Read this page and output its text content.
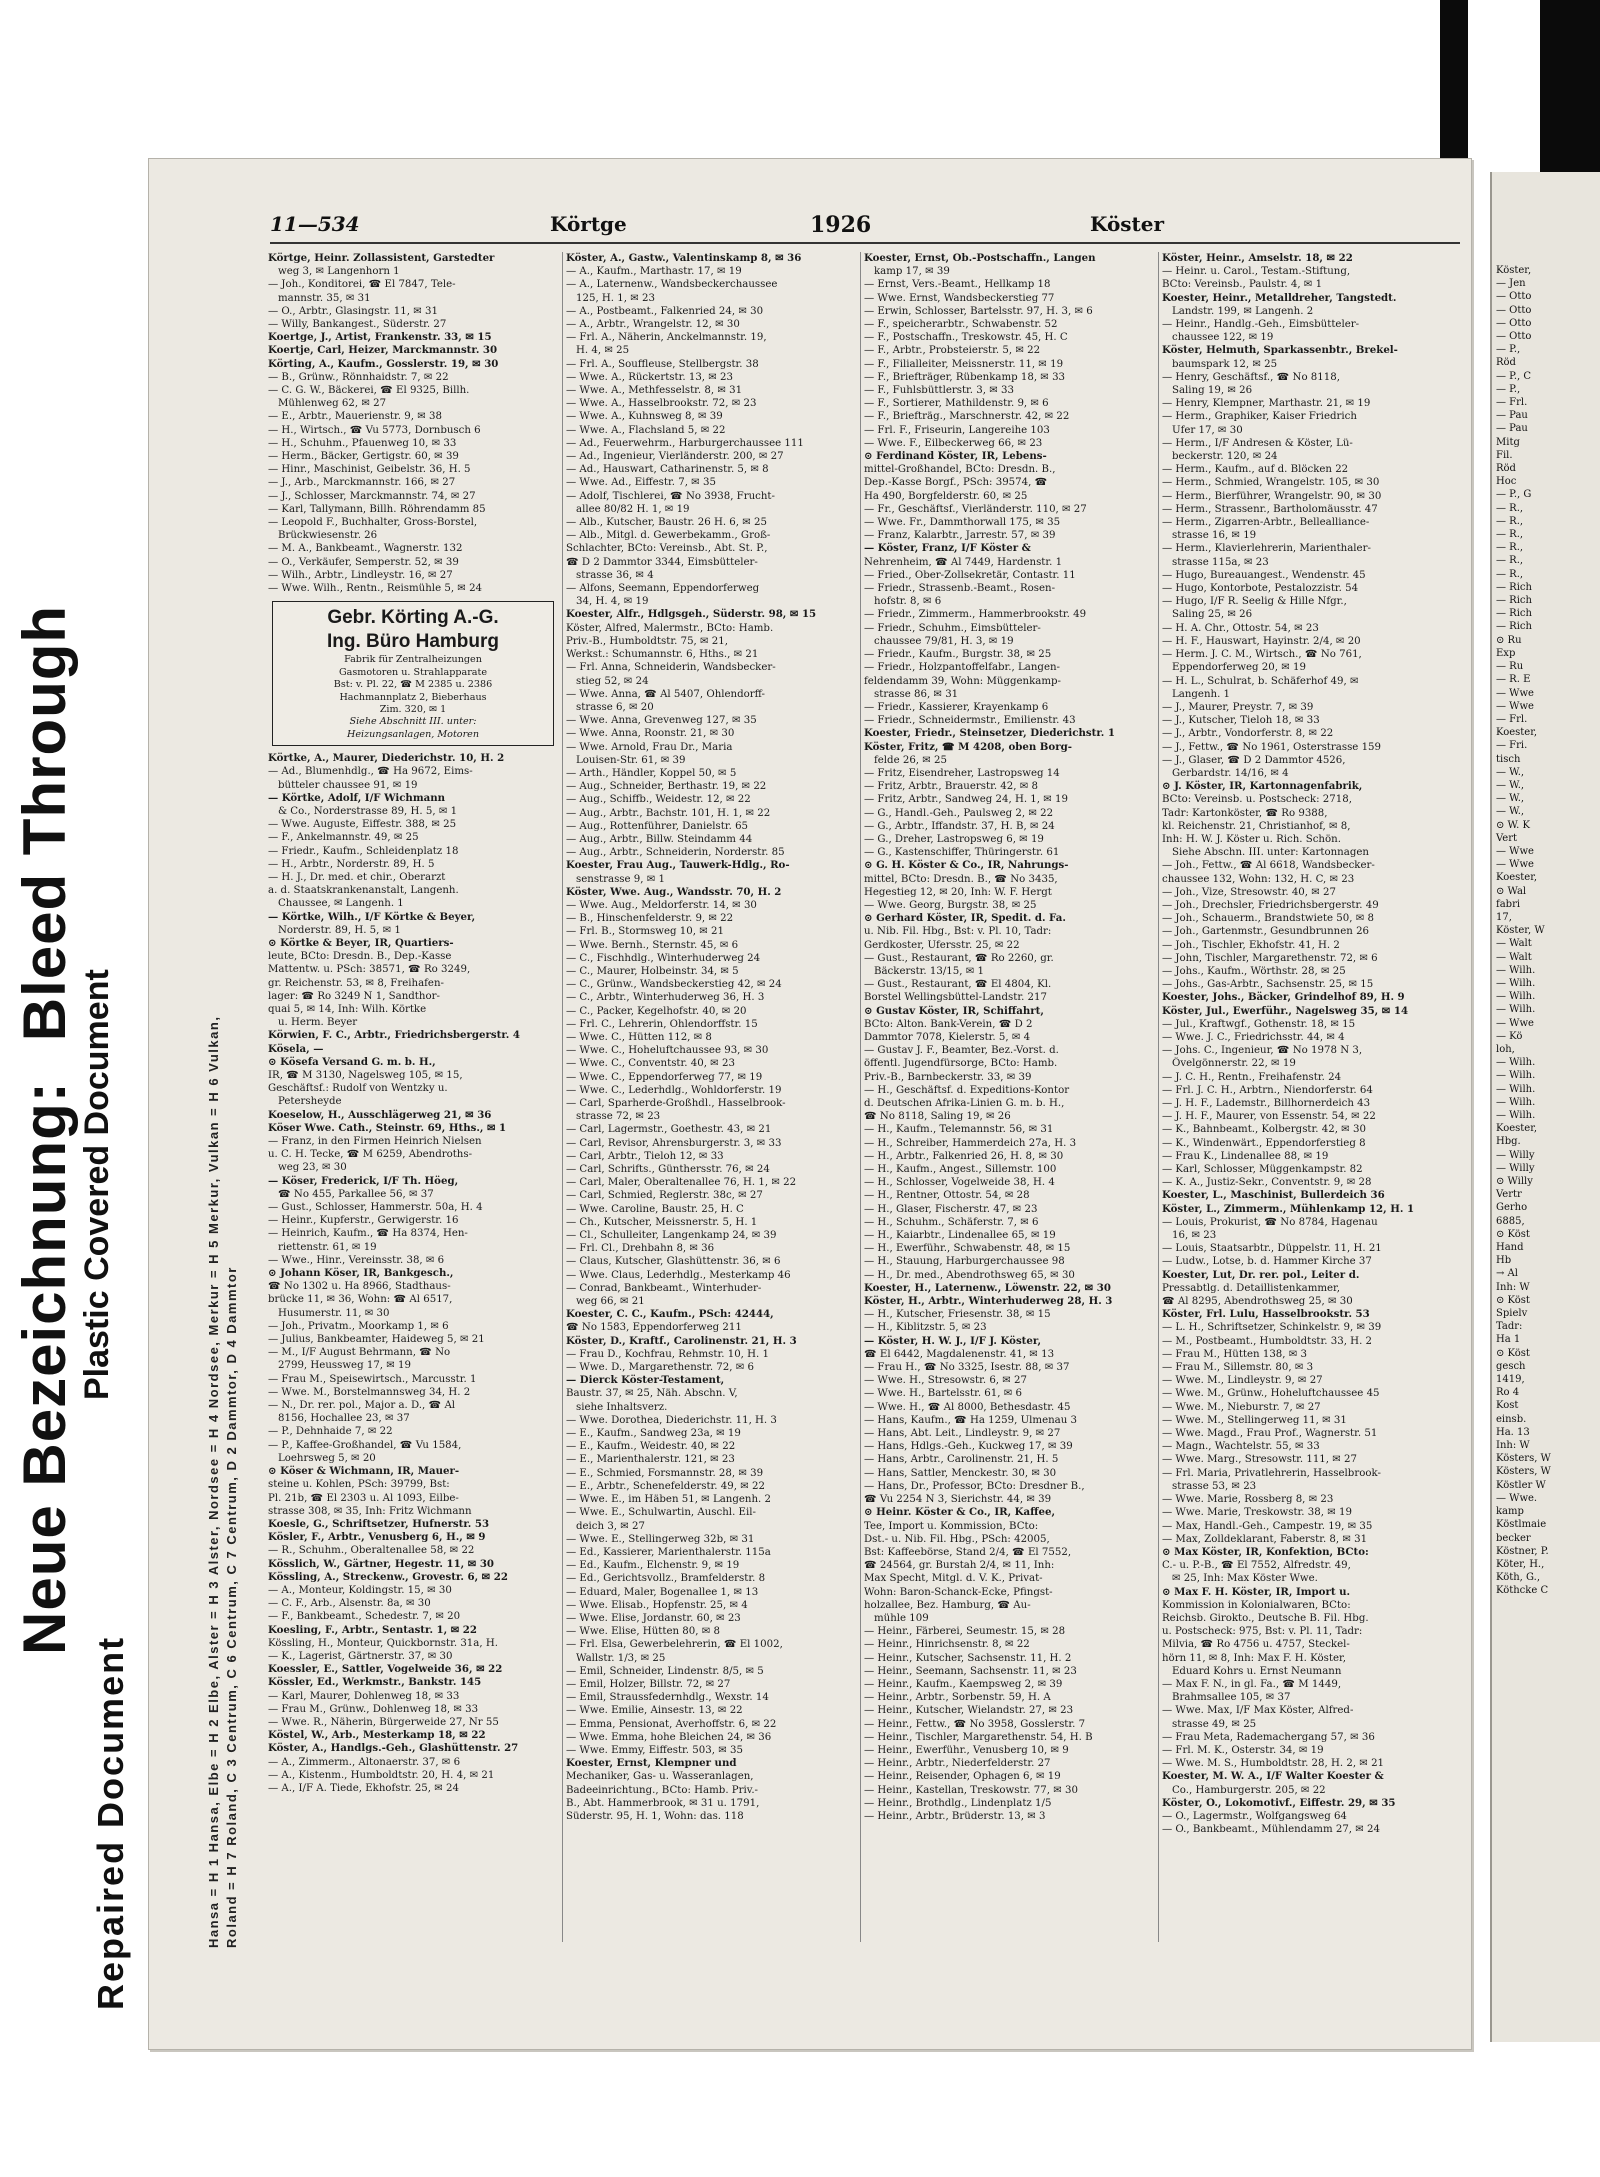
Neue Bezeichnung:Bleed Through
Repaired Document
Plastic Covered Document
Köster,
— Jen
— Otto
— Otto
— Otto
— Otto
— P.,
Röd
— P., C
— P.,
— Frl.
— Pau
— Pau
Mitg
Fil.
Röd
Hoc
— P., G
— R.,
— R.,
— R.,
— R.,
— R.,
— R.,
— Rich
— Rich
— Rich
— Rich
⊙ Ru
Exp
— Ru
— R. E
— Wwe
— Wwe
— Frl.
Koester,
— Fri.
tisch
— W.,
— W.,
— W.,
— W.,
⊙ W. K
Vert
— Wwe
— Wwe
Koester,
⊙ Wal
fabri
17,
Köster, W
— Walt
— Walt
— Wilh.
— Wilh.
— Wilh.
— Wilh.
— Wwe
— Kö
loh,
— Wilh.
— Wilh.
— Wilh.
— Wilh.
— Wilh.
Koester,
Hbg.
— Willy
— Willy
⊙ Willy
Vertr
Gerho
6885,
⊙ Köst
Hand
Hb
→ Al
Inh: W
⊙ Köst
Spielv
Tadr:
Ha 1
⊙ Köst
gesch
1419,
Ro 4
Kost
einsb.
Ha. 13
Inh: W
Kösters, W
Kösters, W
Köstler W
— Wwe.
kamp
Köstlmaie
becker
Köstner, P.
Köter, H.,
Köth, G.,
Köthcke C
Hansa = H 1 Hansa, Elbe = H 2 Elbe, Alster = H 3 Alster, Nordsee = H 4 Nordsee, Merkur = H 5 Merkur, Vulkan = H 6 Vulkan, Roland = H 7 Roland, C 3 Centrum, C 6 Centrum, C 7 Centrum, D 2 Dammtor, D 4 Dammtor
11—534	Körtge	1926	Köster
Körtge, Heinr. Zollassistent, Garstedter
weg 3, ✉ Langenhorn 1
— Joh., Konditorei, ☎ El 7847, Tele-
mannstr. 35, ✉ 31
— O., Arbtr., Glasingstr. 11, ✉ 31
— Willy, Bankangest., Süderstr. 27
Koertge, J., Artist, Frankenstr. 33, ✉ 15
Koertje, Carl, Heizer, Marckmannstr. 30
Körting, A., Kaufm., Gosslerstr. 19, ✉ 30
— B., Grünw., Rönnhaidstr. 7, ✉ 22
— C. G. W., Bäckerei, ☎ El 9325, Billh.
Mühlenweg 62, ✉ 27
— E., Arbtr., Mauerienstr. 9, ✉ 38
— H., Wirtsch., ☎ Vu 5773, Dornbusch 6
— H., Schuhm., Pfauenweg 10, ✉ 33
— Herm., Bäcker, Gertigstr. 60, ✉ 39
— Hinr., Maschinist, Geibelstr. 36, H. 5
— J., Arb., Marckmannstr. 166, ✉ 27
— J., Schlosser, Marckmannstr. 74, ✉ 27
— Karl, Tallymann, Billh. Röhrendamm 85
— Leopold F., Buchhalter, Gross-Borstel,
Brückwiesenstr. 26
— M. A., Bankbeamt., Wagnerstr. 132
— O., Verkäufer, Semperstr. 52, ✉ 39
— Wilh., Arbtr., Lindleystr. 16, ✉ 27
— Wwe. Wilh., Rentn., Reismühle 5, ✉ 24
Gebr. Körting A.-G.
Ing. Büro Hamburg
Fabrik für Zentralheizungen
Gasmotoren u. Strahlapparate
Bst: v. Pl. 22, ☎ M 2385 u. 2386
Hachmannplatz 2, Bieberhaus
Zim. 320, ✉ 1
Siehe Abschnitt III. unter:
Heizungsanlagen, Motoren
Körtke, A., Maurer, Diederichstr. 10, H. 2
— Ad., Blumenhdlg., ☎ Ha 9672, Eims-
bütteler chaussee 91, ✉ 19
— Körtke, Adolf, I/F Wichmann
& Co., Norderstrasse 89, H. 5, ✉ 1
— Wwe. Auguste, Eiffestr. 388, ✉ 25
— F., Ankelmannstr. 49, ✉ 25
— Friedr., Kaufm., Schleidenplatz 18
— H., Arbtr., Norderstr. 89, H. 5
— H. J., Dr. med. et chir., Oberarzt
a. d. Staatskrankenanstalt, Langenh.
Chaussee, ✉ Langenh. 1
— Körtke, Wilh., I/F Körtke & Beyer,
Norderstr. 89, H. 5, ✉ 1
⊙ Körtke & Beyer, IR, Quartiers-
leute, BCto: Dresdn. B., Dep.-Kasse
Mattentw. u. PSch: 38571, ☎ Ro 3249,
gr. Reichenstr. 53, ✉ 8, Freihafen-
lager: ☎ Ro 3249 N 1, Sandthor-
quai 5, ✉ 14, Inh: Wilh. Körtke
u. Herm. Beyer
Körwien, F. C., Arbtr., Friedrichsbergerstr. 4
Kösela, —
⊙ Kösefa Versand G. m. b. H.,
IR, ☎ M 3130, Nagelsweg 105, ✉ 15,
Geschäftsf.: Rudolf von Wentzky u.
Petersheyde
Koeselow, H., Ausschlägerweg 21, ✉ 36
Köser Wwe. Cath., Steinstr. 69, Hths., ✉ 1
— Franz, in den Firmen Heinrich Nielsen
u. C. H. Tecke, ☎ M 6259, Abendroths-
weg 23, ✉ 30
— Köser, Frederick, I/F Th. Höeg,
☎ No 455, Parkallee 56, ✉ 37
— Gust., Schlosser, Hammerstr. 50a, H. 4
— Heinr., Kupferstr., Gerwigerstr. 16
— Heinrich, Kaufm., ☎ Ha 8374, Hen-
riettenstr. 61, ✉ 19
— Wwe., Hinr., Vereinsstr. 38, ✉ 6
⊙ Johann Köser, IR, Bankgesch.,
☎ No 1302 u. Ha 8966, Stadthaus-
brücke 11, ✉ 36, Wohn: ☎ Al 6517,
Husumerstr. 11, ✉ 30
— Joh., Privatm., Moorkamp 1, ✉ 6
— Julius, Bankbeamter, Haideweg 5, ✉ 21
— M., I/F August Behrmann, ☎ No
2799, Heussweg 17, ✉ 19
— Frau M., Speisewirtsch., Marcusstr. 1
— Wwe. M., Borstelmannsweg 34, H. 2
— N., Dr. rer. pol., Major a. D., ☎ Al
8156, Hochallee 23, ✉ 37
— P., Dehnhaide 7, ✉ 22
— P., Kaffee-Großhandel, ☎ Vu 1584,
Loehrsweg 5, ✉ 20
⊙ Köser & Wichmann, IR, Mauer-
steine u. Kohlen, PSch: 39799, Bst:
Pl. 21b, ☎ El 2303 u. Al 1093, Eilbe-
strasse 308, ✉ 35, Inh: Fritz Wichmann
Koesle, G., Schriftsetzer, Hufnerstr. 53
Kösler, F., Arbtr., Venusberg 6, H., ✉ 9
— R., Schuhm., Oberaltenallee 58, ✉ 22
Kösslich, W., Gärtner, Hegestr. 11, ✉ 30
Kössling, A., Streckenw., Grovestr. 6, ✉ 22
— A., Monteur, Koldingstr. 15, ✉ 30
— C. F., Arb., Alsenstr. 8a, ✉ 30
— F., Bankbeamt., Schedestr. 7, ✉ 20
Koesling, F., Arbtr., Sentastr. 1, ✉ 22
Kössling, H., Monteur, Quickbornstr. 31a, H.
— K., Lagerist, Gärtnerstr. 37, ✉ 30
Koessler, E., Sattler, Vogelweide 36, ✉ 22
Kössler, Ed., Werkmstr., Bankstr. 145
— Karl, Maurer, Dohlenweg 18, ✉ 33
— Frau M., Grünw., Dohlenweg 18, ✉ 33
— Wwe. R., Näherin, Bürgerweide 27, Nr 55
Köstel, W., Arb., Mesterkamp 18, ✉ 22
Köster, A., Handlgs.-Geh., Glashüttenstr. 27
— A., Zimmerm., Altonaerstr. 37, ✉ 6
— A., Kistenm., Humboldtstr. 20, H. 4, ✉ 21
— A., I/F A. Tiede, Ekhofstr. 25, ✉ 24
Köster, A., Gastw., Valentinskamp 8, ✉ 36
— A., Kaufm., Marthastr. 17, ✉ 19
— A., Laternenw., Wandsbeckerchaussee
125, H. 1, ✉ 23
— A., Postbeamt., Falkenried 24, ✉ 30
— A., Arbtr., Wrangelstr. 12, ✉ 30
— Frl. A., Näherin, Anckelmannstr. 19,
H. 4, ✉ 25
— Frl. A., Souffleuse, Stellbergstr. 38
— Wwe. A., Rückertstr. 13, ✉ 23
— Wwe. A., Methfesselstr. 8, ✉ 31
— Wwe. A., Hasselbrookstr. 72, ✉ 23
— Wwe. A., Kuhnsweg 8, ✉ 39
— Wwe. A., Flachsland 5, ✉ 22
— Ad., Feuerwehrm., Harburgerchaussee 111
— Ad., Ingenieur, Vierländerstr. 200, ✉ 27
— Ad., Hauswart, Catharinenstr. 5, ✉ 8
— Wwe. Ad., Eiffestr. 7, ✉ 35
— Adolf, Tischlerei, ☎ No 3938, Frucht-
allee 80/82 H. 1, ✉ 19
— Alb., Kutscher, Baustr. 26 H. 6, ✉ 25
— Alb., Mitgl. d. Gewerbekamm., Groß-
Schlachter, BCto: Vereinsb., Abt. St. P.,
☎ D 2 Dammtor 3344, Eimsbütteler-
strasse 36, ✉ 4
— Alfons, Seemann, Eppendorferweg
34, H. 4, ✉ 19
Koester, Alfr., Hdlgsgeh., Süderstr. 98, ✉ 15
Köster, Alfred, Malermstr., BCto: Hamb.
Priv.-B., Humboldtstr. 75, ✉ 21,
Werkst.: Schumannstr. 6, Hths., ✉ 21
— Frl. Anna, Schneiderin, Wandsbecker-
stieg 52, ✉ 24
— Wwe. Anna, ☎ Al 5407, Ohlendorff-
strasse 6, ✉ 20
— Wwe. Anna, Grevenweg 127, ✉ 35
— Wwe. Anna, Roonstr. 21, ✉ 30
— Wwe. Arnold, Frau Dr., Maria
Louisen-Str. 61, ✉ 39
— Arth., Händler, Koppel 50, ✉ 5
— Aug., Schneider, Berthastr. 19, ✉ 22
— Aug., Schiffb., Weidestr. 12, ✉ 22
— Aug., Arbtr., Bachstr. 101, H. 1, ✉ 22
— Aug., Rottenführer, Danielstr. 65
— Aug., Arbtr., Billw. Steindamm 44
— Aug., Arbtr., Schneiderin, Norderstr. 85
Koester, Frau Aug., Tauwerk-Hdlg., Ro-
senstrasse 9, ✉ 1
Köster, Wwe. Aug., Wandsstr. 70, H. 2
— Wwe. Aug., Meldorferstr. 14, ✉ 30
— B., Hinschenfelderstr. 9, ✉ 22
— Frl. B., Stormsweg 10, ✉ 21
— Wwe. Bernh., Sternstr. 45, ✉ 6
— C., Fischhdlg., Winterhuderweg 24
— C., Maurer, Holbeinstr. 34, ✉ 5
— C., Grünw., Wandsbeckerstieg 42, ✉ 24
— C., Arbtr., Winterhuderweg 36, H. 3
— C., Packer, Kegelhofstr. 40, ✉ 20
— Frl. C., Lehrerin, Ohlendorffstr. 15
— Wwe. C., Hütten 112, ✉ 8
— Wwe. C., Hoheluftchaussee 93, ✉ 30
— Wwe. C., Conventstr. 40, ✉ 23
— Wwe. C., Eppendorferweg 77, ✉ 19
— Wwe. C., Lederhdlg., Wohldorferstr. 19
— Carl, Sparherde-Großhdl., Hasselbrook-
strasse 72, ✉ 23
— Carl, Lagermstr., Goethestr. 43, ✉ 21
— Carl, Revisor, Ahrensburgerstr. 3, ✉ 33
— Carl, Arbtr., Tieloh 12, ✉ 33
— Carl, Schrifts., Günthersstr. 76, ✉ 24
— Carl, Maler, Oberaltenallee 76, H. 1, ✉ 22
— Carl, Schmied, Reglerstr. 38c, ✉ 27
— Wwe. Caroline, Baustr. 25, H. C
— Ch., Kutscher, Meissnerstr. 5, H. 1
— Cl., Schulleiter, Langenkamp 24, ✉ 39
— Frl. Cl., Drehbahn 8, ✉ 36
— Claus, Kutscher, Glashüttenstr. 36, ✉ 6
— Wwe. Claus, Lederhdlg., Mesterkamp 46
— Conrad, Bankbeamt., Winterhuder-
weg 66, ✉ 21
Koester, C. C., Kaufm., PSch: 42444,
☎ No 1583, Eppendorferweg 211
Köster, D., Kraftf., Carolinenstr. 21, H. 3
— Frau D., Kochfrau, Rehmstr. 10, H. 1
— Wwe. D., Margarethenstr. 72, ✉ 6
— Dierck Köster-Testament,
Baustr. 37, ✉ 25, Näh. Abschn. V,
siehe Inhaltsverz.
— Wwe. Dorothea, Diederichstr. 11, H. 3
— E., Kaufm., Sandweg 23a, ✉ 19
— E., Kaufm., Weidestr. 40, ✉ 22
— E., Marienthalerstr. 121, ✉ 23
— E., Schmied, Forsmannstr. 28, ✉ 39
— E., Arbtr., Schenefelderstr. 49, ✉ 22
— Wwe. E., im Häben 51, ✉ Langenh. 2
— Wwe. E., Schulwartin, Auschl. Eil-
deich 3, ✉ 27
— Wwe. E., Stellingerweg 32b, ✉ 31
— Ed., Kassierer, Marienthalerstr. 115a
— Ed., Kaufm., Elchenstr. 9, ✉ 19
— Ed., Gerichtsvollz., Bramfelderstr. 8
— Eduard, Maler, Bogenallee 1, ✉ 13
— Wwe. Elisab., Hopfenstr. 25, ✉ 4
— Wwe. Elise, Jordanstr. 60, ✉ 23
— Wwe. Elise, Hütten 80, ✉ 8
— Frl. Elsa, Gewerbelehrerin, ☎ El 1002,
Wallstr. 1/3, ✉ 25
— Emil, Schneider, Lindenstr. 8/5, ✉ 5
— Emil, Holzer, Billstr. 72, ✉ 27
— Emil, Straussfedernhdlg., Wexstr. 14
— Wwe. Emilie, Ainsestr. 13, ✉ 22
— Emma, Pensionat, Averhoffstr. 6, ✉ 22
— Wwe. Emma, hohe Bleichen 24, ✉ 36
— Wwe. Emmy, Eiffestr. 503, ✉ 35
Koester, Ernst, Klempner und
Mechaniker, Gas- u. Wasseranlagen,
Badeeinrichtung., BCto: Hamb. Priv.-
B., Abt. Hammerbrook, ✉ 31 u. 1791,
Süderstr. 95, H. 1, Wohn: das. 118
Koester, Ernst, Ob.-Postschaffn., Langen
kamp 17, ✉ 39
— Ernst, Vers.-Beamt., Hellkamp 18
— Wwe. Ernst, Wandsbeckerstieg 77
— Erwin, Schlosser, Bartelsstr. 97, H. 3, ✉ 6
— F., speicherarbtr., Schwabenstr. 52
— F., Postschaffn., Treskowstr. 45, H. C
— F., Arbtr., Probsteierstr. 5, ✉ 22
— F., Filialleiter, Meissnerstr. 11, ✉ 19
— F., Briefträger, Rübenkamp 18, ✉ 33
— F., Fuhlsbüttlerstr. 3, ✉ 33
— F., Sortierer, Mathildenstr. 9, ✉ 6
— F., Briefträg., Marschnerstr. 42, ✉ 22
— Frl. F., Friseurin, Langereihe 103
— Wwe. F., Eilbeckerweg 66, ✉ 23
⊙ Ferdinand Köster, IR, Lebens-
mittel-Großhandel, BCto: Dresdn. B.,
Dep.-Kasse Borgf., PSch: 39574, ☎
Ha 490, Borgfelderstr. 60, ✉ 25
— Fr., Geschäftsf., Vierländerstr. 110, ✉ 27
— Wwe. Fr., Dammthorwall 175, ✉ 35
— Franz, Kalarbtr., Jarrestr. 57, ✉ 39
— Köster, Franz, I/F Köster &
Nehrenheim, ☎ Al 7449, Hardenstr. 1
— Fried., Ober-Zollsekretär, Contastr. 11
— Friedr., Strassenb.-Beamt., Rosen-
hofstr. 8, ✉ 6
— Friedr., Zimmerm., Hammerbrookstr. 49
— Friedr., Schuhm., Eimsbütteler-
chaussee 79/81, H. 3, ✉ 19
— Friedr., Kaufm., Burgstr. 38, ✉ 25
— Friedr., Holzpantoffelfabr., Langen-
feldendamm 39, Wohn: Müggenkamp-
strasse 86, ✉ 31
— Friedr., Kassierer, Krayenkamp 6
— Friedr., Schneidermstr., Emilienstr. 43
Koester, Friedr., Steinsetzer, Diederichstr. 1
Köster, Fritz, ☎ M 4208, oben Borg-
felde 26, ✉ 25
— Fritz, Eisendreher, Lastropsweg 14
— Fritz, Arbtr., Brauerstr. 42, ✉ 8
— Fritz, Arbtr., Sandweg 24, H. 1, ✉ 19
— G., Handl.-Geh., Paulsweg 2, ✉ 22
— G., Arbtr., Iffandstr. 37, H. B, ✉ 24
— G., Dreher, Lastropsweg 6, ✉ 19
— G., Kastenschiffer, Thüringerstr. 61
⊙ G. H. Köster & Co., IR, Nahrungs-
mittel, BCto: Dresdn. B., ☎ No 3435,
Hegestieg 12, ✉ 20, Inh: W. F. Hergt
— Wwe. Georg, Burgstr. 38, ✉ 25
⊙ Gerhard Köster, IR, Spedit. d. Fa.
u. Nib. Fil. Hbg., Bst: v. Pl. 10, Tadr:
Gerdkoster, Ufersstr. 25, ✉ 22
— Gust., Restaurant, ☎ Ro 2260, gr.
Bäckerstr. 13/15, ✉ 1
— Gust., Restaurant, ☎ El 4804, Kl.
Borstel Wellingsbüttel-Landstr. 217
⊙ Gustav Köster, IR, Schiffahrt,
BCto: Alton. Bank-Verein, ☎ D 2
Dammtor 7078, Kielerstr. 5, ✉ 4
— Gustav J. F., Beamter, Bez.-Vorst. d.
öffentl. Jugendfürsorge, BCto: Hamb.
Priv.-B., Barnbeckerstr. 33, ✉ 39
— H., Geschäftsf. d. Expeditions-Kontor
d. Deutschen Afrika-Linien G. m. b. H.,
☎ No 8118, Saling 19, ✉ 26
— H., Kaufm., Telemannstr. 56, ✉ 31
— H., Schreiber, Hammerdeich 27a, H. 3
— H., Arbtr., Falkenried 26, H. 8, ✉ 30
— H., Kaufm., Angest., Sillemstr. 100
— H., Schlosser, Vogelweide 38, H. 4
— H., Rentner, Ottostr. 54, ✉ 28
— H., Glaser, Fischerstr. 47, ✉ 23
— H., Schuhm., Schäferstr. 7, ✉ 6
— H., Kaiarbtr., Lindenallee 65, ✉ 19
— H., Ewerführ., Schwabenstr. 48, ✉ 15
— H., Stauung, Harburgerchaussee 98
— H., Dr. med., Abendrothsweg 65, ✉ 30
Koester, H., Laternenw., Löwenstr. 22, ✉ 30
Köster, H., Arbtr., Winterhuderweg 28, H. 3
— H., Kutscher, Friesenstr. 38, ✉ 15
— H., Kiblitzstr. 5, ✉ 23
— Köster, H. W. J., I/F J. Köster,
☎ El 6442, Magdalenenstr. 41, ✉ 13
— Frau H., ☎ No 3325, Isestr. 88, ✉ 37
— Wwe. H., Stresowstr. 6, ✉ 27
— Wwe. H., Bartelsstr. 61, ✉ 6
— Wwe. H., ☎ Al 8000, Bethesdastr. 45
— Hans, Kaufm., ☎ Ha 1259, Ulmenau 3
— Hans, Abt. Leit., Lindleystr. 9, ✉ 27
— Hans, Hdlgs.-Geh., Kuckweg 17, ✉ 39
— Hans, Arbtr., Carolinenstr. 21, H. 5
— Hans, Sattler, Menckestr. 30, ✉ 30
— Hans, Dr., Professor, BCto: Dresdner B.,
☎ Vu 2254 N 3, Sierichstr. 44, ✉ 39
⊙ Heinr. Köster & Co., IR, Kaffee,
Tee, Import u. Kommission, BCto:
Dst.- u. Nib. Fil. Hbg., PSch: 42005,
Bst: Kaffeebörse, Stand 2/4, ☎ El 7552,
☎ 24564, gr. Burstah 2/4, ✉ 11, Inh:
Max Specht, Mitgl. d. V. K., Privat-
Wohn: Baron-Schanck-Ecke, Pfingst-
holzallee, Bez. Hamburg, ☎ Au-
mühle 109
— Heinr., Färberei, Seumestr. 15, ✉ 28
— Heinr., Hinrichsenstr. 8, ✉ 22
— Heinr., Kutscher, Sachsenstr. 11, H. 2
— Heinr., Seemann, Sachsenstr. 11, ✉ 23
— Heinr., Kaufm., Kaempsweg 2, ✉ 39
— Heinr., Arbtr., Sorbenstr. 59, H. A
— Heinr., Kutscher, Wielandstr. 27, ✉ 23
— Heinr., Fettw., ☎ No 3958, Gosslerstr. 7
— Heinr., Tischler, Margarethenstr. 54, H. B
— Heinr., Ewerführ., Venusberg 10, ✉ 9
— Heinr., Arbtr., Niederfelderstr. 27
— Heinr., Reisender, Ophagen 6, ✉ 19
— Heinr., Kastellan, Treskowstr. 77, ✉ 30
— Heinr., Brothdlg., Lindenplatz 1/5
— Heinr., Arbtr., Brüderstr. 13, ✉ 3
Köster, Heinr., Amselstr. 18, ✉ 22
— Heinr. u. Carol., Testam.-Stiftung,
BCto: Vereinsb., Paulstr. 4, ✉ 1
Koester, Heinr., Metalldreher, Tangstedt.
Landstr. 199, ✉ Langenh. 2
— Heinr., Handlg.-Geh., Eimsbütteler-
chaussee 122, ✉ 19
Köster, Helmuth, Sparkassenbtr., Brekel-
baumspark 12, ✉ 25
— Henry, Geschäftsf., ☎ No 8118,
Saling 19, ✉ 26
— Henry, Klempner, Marthastr. 21, ✉ 19
— Herm., Graphiker, Kaiser Friedrich
Ufer 17, ✉ 30
— Herm., I/F Andresen & Köster, Lü-
beckerstr. 120, ✉ 24
— Herm., Kaufm., auf d. Blöcken 22
— Herm., Schmied, Wrangelstr. 105, ✉ 30
— Herm., Bierführer, Wrangelstr. 90, ✉ 30
— Herm., Strassenr., Bartholomäusstr. 47
— Herm., Zigarren-Arbtr., Bellealliance-
strasse 16, ✉ 19
— Herm., Klavierlehrerin, Marienthaler-
strasse 115a, ✉ 23
— Hugo, Bureauangest., Wendenstr. 45
— Hugo, Kontorbote, Pestalozzistr. 54
— Hugo, I/F R. Seelig & Hille Nfgr.,
Saling 25, ✉ 26
— H. A. Chr., Ottostr. 54, ✉ 23
— H. F., Hauswart, Hayinstr. 2/4, ✉ 20
— Herm. J. C. M., Wirtsch., ☎ No 761,
Eppendorferweg 20, ✉ 19
— H. L., Schulrat, b. Schäferhof 49, ✉
Langenh. 1
— J., Maurer, Preystr. 7, ✉ 39
— J., Kutscher, Tieloh 18, ✉ 33
— J., Arbtr., Vondorferstr. 8, ✉ 22
— J., Fettw., ☎ No 1961, Osterstrasse 159
— J., Glaser, ☎ D 2 Dammtor 4526,
Gerbardstr. 14/16, ✉ 4
⊙ J. Köster, IR, Kartonnagenfabrik,
BCto: Vereinsb. u. Postscheck: 2718,
Tadr: Kartonköster, ☎ Ro 9388,
kl. Reichenstr. 21, Christianhof, ✉ 8,
Inh: H. W. J. Köster u. Rich. Schön.
Siehe Abschn. III. unter: Kartonnagen
— Joh., Fettw., ☎ Al 6618, Wandsbecker-
chaussee 132, Wohn: 132, H. C, ✉ 23
— Joh., Vize, Stresowstr. 40, ✉ 27
— Joh., Drechsler, Friedrichsbergerstr. 49
— Joh., Schauerm., Brandstwiete 50, ✉ 8
— Joh., Gartenmstr., Gesundbrunnen 26
— Joh., Tischler, Ekhofstr. 41, H. 2
— John, Tischler, Margarethenstr. 72, ✉ 6
— Johs., Kaufm., Wörthstr. 28, ✉ 25
— Johs., Gas-Arbtr., Sachsenstr. 25, ✉ 15
Koester, Johs., Bäcker, Grindelhof 89, H. 9
Köster, Jul., Ewerführ., Nagelsweg 35, ✉ 14
— Jul., Kraftwgf., Gothenstr. 18, ✉ 15
— Wwe. J. C., Friedrichsstr. 44, ✉ 4
— Johs. C., Ingenieur, ☎ No 1978 N 3,
Övelgönnerstr. 22, ✉ 19
— J. C. H., Rentn., Freihafenstr. 24
— Frl. J. C. H., Arbtrn., Niendorferstr. 64
— J. H. F., Lademstr., Billhornerdeich 43
— J. H. F., Maurer, von Essenstr. 54, ✉ 22
— K., Bahnbeamt., Kolbergstr. 42, ✉ 30
— K., Windenwärt., Eppendorferstieg 8
— Frau K., Lindenallee 88, ✉ 19
— Karl, Schlosser, Müggenkampstr. 82
— K. A., Justiz-Sekr., Conventstr. 9, ✉ 28
Koester, L., Maschinist, Bullerdeich 36
Köster, L., Zimmerm., Mühlenkamp 12, H. 1
— Louis, Prokurist, ☎ No 8784, Hagenau
16, ✉ 23
— Louis, Staatsarbtr., Düppelstr. 11, H. 21
— Ludw., Lotse, b. d. Hammer Kirche 37
Koester, Lut, Dr. rer. pol., Leiter d.
Pressabtlg. d. Detaillistenkammer,
☎ Al 8295, Abendrothsweg 25, ✉ 30
Köster, Frl. Lulu, Hasselbrookstr. 53
— L. H., Schriftsetzer, Schinkelstr. 9, ✉ 39
— M., Postbeamt., Humboldtstr. 33, H. 2
— Frau M., Hütten 138, ✉ 3
— Frau M., Sillemstr. 80, ✉ 3
— Wwe. M., Lindleystr. 9, ✉ 27
— Wwe. M., Grünw., Hoheluftchaussee 45
— Wwe. M., Nieburstr. 7, ✉ 27
— Wwe. M., Stellingerweg 11, ✉ 31
— Wwe. Magd., Frau Prof., Wagnerstr. 51
— Magn., Wachtelstr. 55, ✉ 33
— Wwe. Marg., Stresowstr. 111, ✉ 27
— Frl. Maria, Privatlehrerin, Hasselbrook-
strasse 53, ✉ 23
— Wwe. Marie, Rossberg 8, ✉ 23
— Wwe. Marie, Treskowstr. 38, ✉ 19
— Max, Handl.-Geh., Campestr. 19, ✉ 35
— Max, Zolldeklarant, Faberstr. 8, ✉ 31
⊙ Max Köster, IR, Konfektion, BCto:
C.- u. P.-B., ☎ El 7552, Alfredstr. 49,
✉ 25, Inh: Max Köster Wwe.
⊙ Max F. H. Köster, IR, Import u.
Kommission in Kolonialwaren, BCto:
Reichsb. Girokto., Deutsche B. Fil. Hbg.
u. Postscheck: 975, Bst: v. Pl. 11, Tadr:
Milvia, ☎ Ro 4756 u. 4757, Steckel-
hörn 11, ✉ 8, Inh: Max F. H. Köster,
Eduard Kohrs u. Ernst Neumann
— Max F. N., in gl. Fa., ☎ M 1449,
Brahmsallee 105, ✉ 37
— Wwe. Max, I/F Max Köster, Alfred-
strasse 49, ✉ 25
— Frau Meta, Rademachergang 57, ✉ 36
— Frl. M. K., Osterstr. 34, ✉ 19
— Wwe. M. S., Humboldtstr. 28, H. 2, ✉ 21
Koester, M. W. A., I/F Walter Koester &
Co., Hamburgerstr. 205, ✉ 22
Köster, O., Lokomotivf., Eiffestr. 29, ✉ 35
— O., Lagermstr., Wolfgangsweg 64
— O., Bankbeamt., Mühlendamm 27, ✉ 24
